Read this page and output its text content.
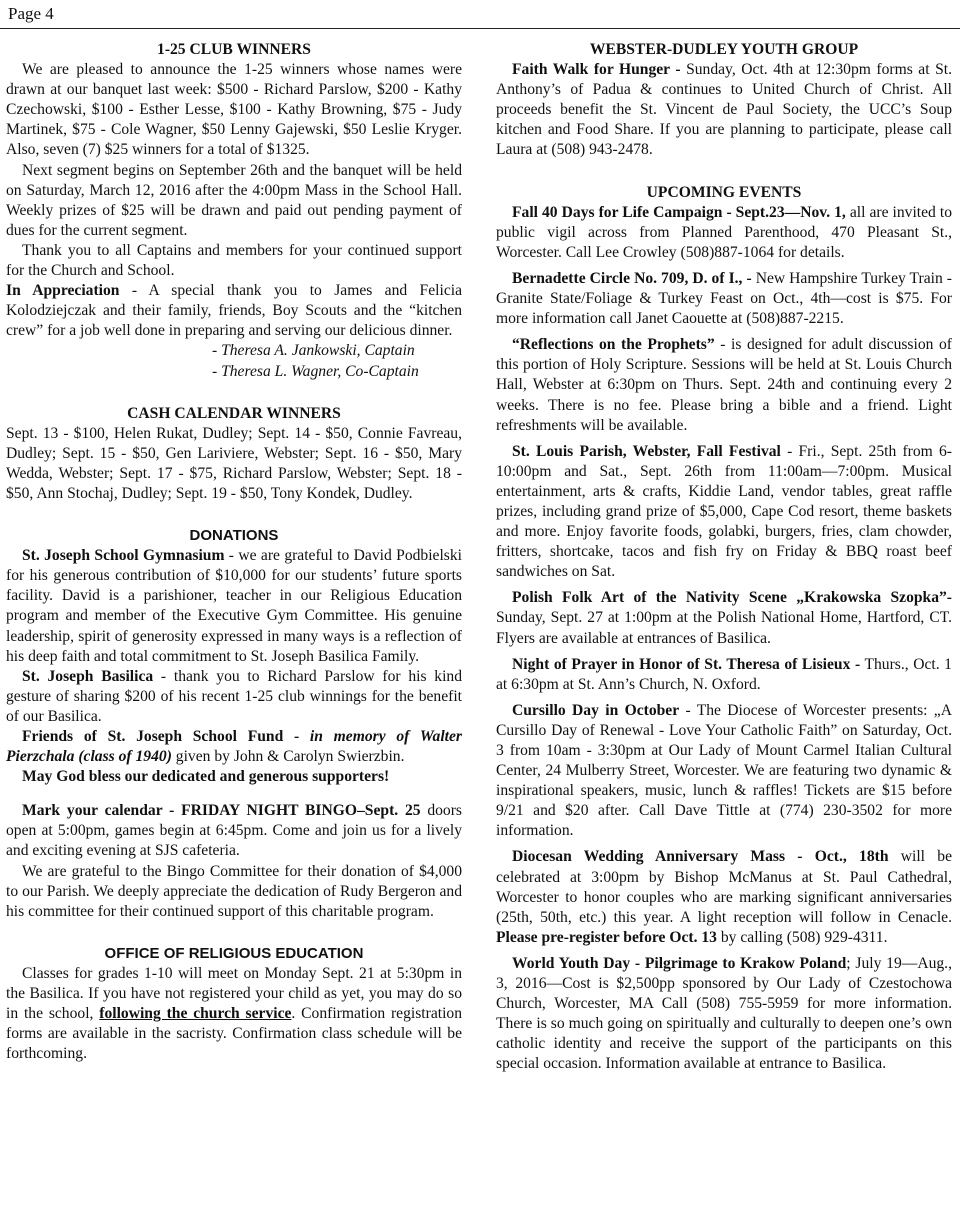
Page 4

1-25 CLUB WINNERS

We are pleased to announce the 1-25 winners whose names were drawn at our banquet last week: $500 - Richard Parslow, $200 - Kathy Czechowski, $100 - Esther Lesse, $100 - Kathy Browning, $75 - Judy Martinek, $75 - Cole Wagner, $50 Lenny Gajewski, $50 Leslie Kryger. Also, seven (7) $25 winners for a total of $1325.

Next segment begins on September 26th and the banquet will be held on Saturday, March 12, 2016 after the 4:00pm Mass in the School Hall. Weekly prizes of $25 will be drawn and paid out pending payment of dues for the current segment.

Thank you to all Captains and members for your continued support for the Church and School.

In Appreciation - A special thank you to James and Felicia Kolodziejczak and their family, friends, Boy Scouts and the “kitchen crew” for a job well done in preparing and serving our delicious dinner.

- Theresa A. Jankowski, Captain

- Theresa L. Wagner, Co-Captain

CASH CALENDAR WINNERS

Sept. 13 - $100, Helen Rukat, Dudley; Sept. 14 - $50, Connie Favreau, Dudley; Sept. 15 - $50, Gen Lariviere, Webster; Sept. 16 - $50, Mary Wedda, Webster; Sept. 17 - $75, Richard Parslow, Webster; Sept. 18 - $50, Ann Stochaj, Dudley; Sept. 19 - $50, Tony Kondek, Dudley.

DONATIONS

St. Joseph School Gymnasium - we are grateful to David Podbielski for his generous contribution of $10,000 for our students’ future sports facility. David is a parishioner, teacher in our Religious Education program and member of the Executive Gym Committee. His genuine leadership, spirit of generosity expressed in many ways is a reflection of his deep faith and total commitment to St. Joseph Basilica Family.

St. Joseph Basilica - thank you to Richard Parslow for his kind gesture of sharing $200 of his recent 1-25 club winnings for the benefit of our Basilica.

Friends of St. Joseph School Fund - in memory of Walter Pierzchala (class of 1940) given by John & Carolyn Swierzbin.

May God bless our dedicated and generous supporters!

Mark your calendar - FRIDAY NIGHT BINGO–Sept. 25 doors open at 5:00pm, games begin at 6:45pm. Come and join us for a lively and exciting evening at SJS cafeteria.

We are grateful to the Bingo Committee for their donation of $4,000 to our Parish. We deeply appreciate the dedication of Rudy Bergeron and his committee for their continued support of this charitable program.

OFFICE OF RELIGIOUS EDUCATION

Classes for grades 1-10 will meet on Monday Sept. 21 at 5:30pm in the Basilica. If you have not registered your child as yet, you may do so in the school, following the church service. Confirmation registration forms are available in the sacristy. Confirmation class schedule will be forthcoming.

WEBSTER-DUDLEY YOUTH GROUP

Faith Walk for Hunger - Sunday, Oct. 4th at 12:30pm forms at St. Anthony’s of Padua & continues to United Church of Christ. All proceeds benefit the St. Vincent de Paul Society, the UCC’s Soup kitchen and Food Share. If you are planning to participate, please call Laura at (508) 943-2478.

UPCOMING EVENTS

Fall 40 Days for Life Campaign - Sept.23—Nov. 1, all are invited to public vigil across from Planned Parenthood, 470 Pleasant St., Worcester. Call Lee Crowley (508)887-1064 for details.

Bernadette Circle No. 709, D. of I., - New Hampshire Turkey Train - Granite State/Foliage & Turkey Feast on Oct., 4th—cost is $75. For more information call Janet Caouette at (508)887-2215.

“Reflections on the Prophets” - is designed for adult discussion of this portion of Holy Scripture. Sessions will be held at St. Louis Church Hall, Webster at 6:30pm on Thurs. Sept. 24th and continuing every 2 weeks. There is no fee. Please bring a bible and a friend. Light refreshments will be available.

St. Louis Parish, Webster, Fall Festival - Fri., Sept. 25th from 6-10:00pm and Sat., Sept. 26th from 11:00am—7:00pm. Musical entertainment, arts & crafts, Kiddie Land, vendor tables, great raffle prizes, including grand prize of $5,000, Cape Cod resort, theme baskets and more. Enjoy favorite foods, golabki, burgers, fries, clam chowder, fritters, shortcake, tacos and fish fry on Friday & BBQ roast beef sandwiches on Sat.

Polish Folk Art of the Nativity Scene „Krakowska Szopka”- Sunday, Sept. 27 at 1:00pm at the Polish National Home, Hartford, CT. Flyers are available at entrances of Basilica.

Night of Prayer in Honor of St. Theresa of Lisieux - Thurs., Oct. 1 at 6:30pm at St. Ann’s Church, N. Oxford.

Cursillo Day in October - The Diocese of Worcester presents: „A Cursillo Day of Renewal - Love Your Catholic Faith” on Saturday, Oct. 3 from 10am - 3:30pm at Our Lady of Mount Carmel Italian Cultural Center, 24 Mulberry Street, Worcester. We are featuring two dynamic & inspirational speakers, music, lunch & raffles! Tickets are $15 before 9/21 and $20 after. Call Dave Tittle at (774) 230-3502 for more information.

Diocesan Wedding Anniversary Mass - Oct., 18th will be celebrated at 3:00pm by Bishop McManus at St. Paul Cathedral, Worcester to honor couples who are marking significant anniversaries (25th, 50th, etc.) this year. A light reception will follow in Cenacle. Please pre-register before Oct. 13 by calling (508) 929-4311.

World Youth Day - Pilgrimage to Krakow Poland; July 19—Aug., 3, 2016—Cost is $2,500pp sponsored by Our Lady of Czestochowa Church, Worcester, MA Call (508) 755-5959 for more information. There is so much going on spiritually and culturally to deepen one’s own catholic identity and receive the support of the participants on this special occasion. Information available at entrance to Basilica.
